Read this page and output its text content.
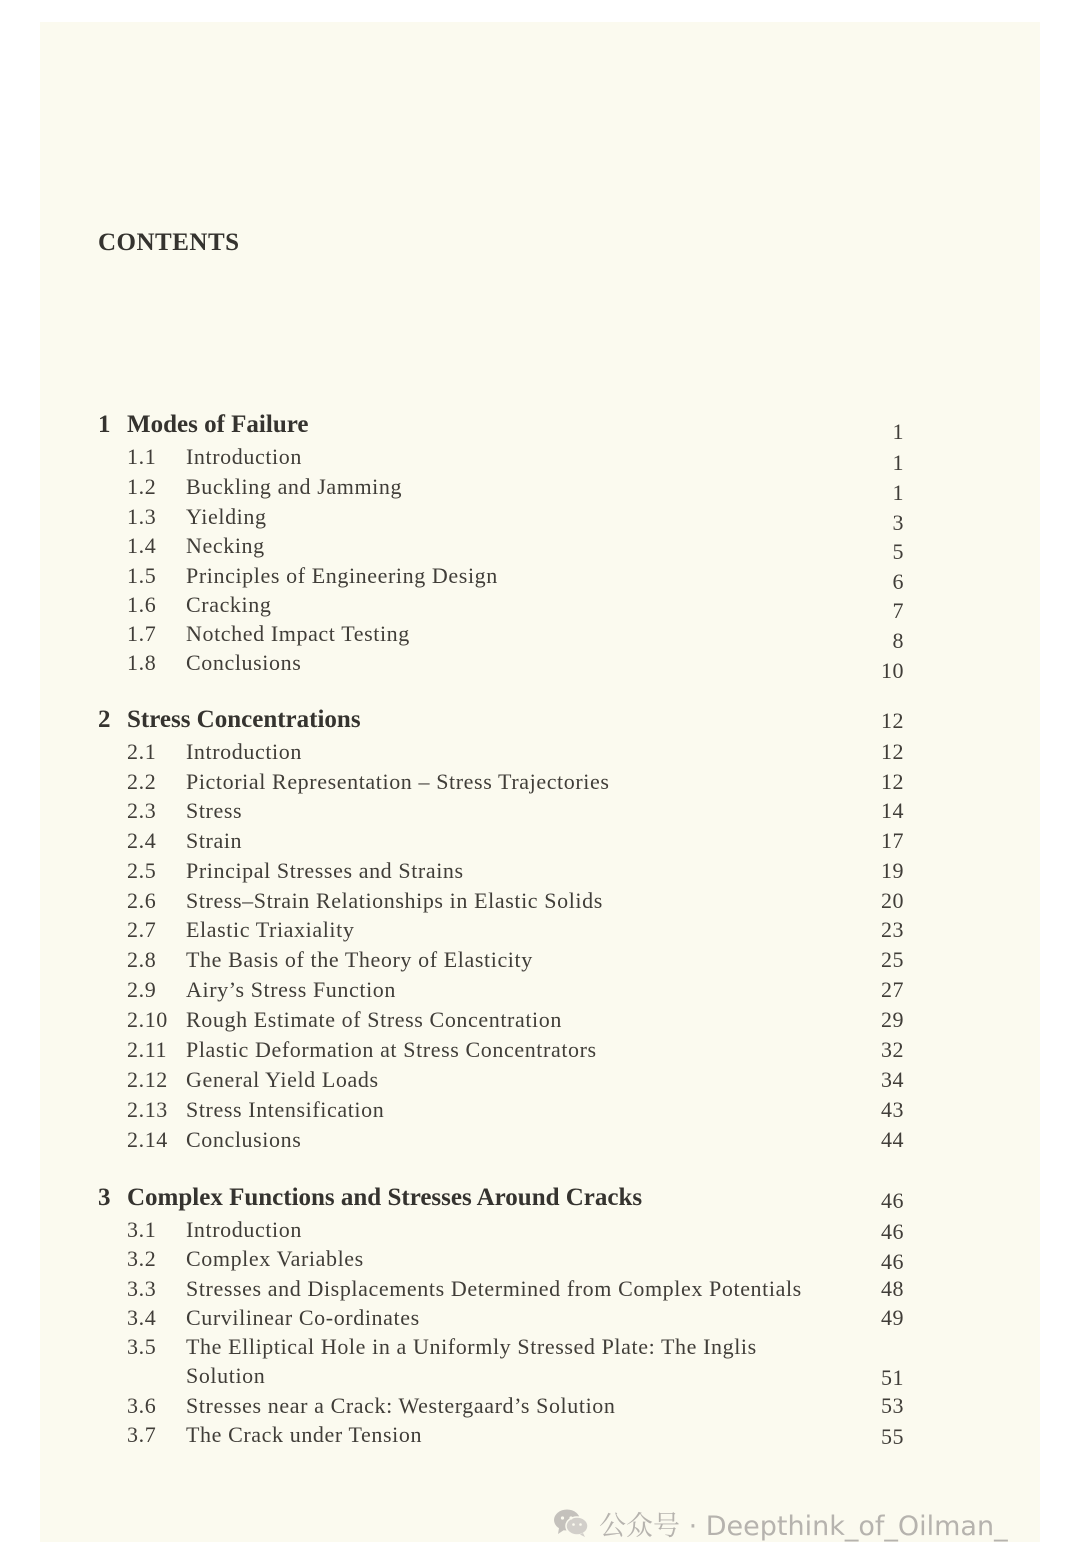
CONTENTS
1 Modes of Failure	1
1.1 Introduction	1
1.2 Buckling and Jamming	1
1.3 Yielding	3
1.4 Necking	5
1.5 Principles of Engineering Design	6
1.6 Cracking	7
1.7 Notched Impact Testing	8
1.8 Conclusions	10
2 Stress Concentrations	12
2.1 Introduction	12
2.2 Pictorial Representation – Stress Trajectories	12
2.3 Stress	14
2.4 Strain	17
2.5 Principal Stresses and Strains	19
2.6 Stress–Strain Relationships in Elastic Solids	20
2.7 Elastic Triaxiality	23
2.8 The Basis of the Theory of Elasticity	25
2.9 Airy’s Stress Function	27
2.10 Rough Estimate of Stress Concentration	29
2.11 Plastic Deformation at Stress Concentrators	32
2.12 General Yield Loads	34
2.13 Stress Intensification	43
2.14 Conclusions	44
3 Complex Functions and Stresses Around Cracks	46
3.1 Introduction	46
3.2 Complex Variables	46
3.3 Stresses and Displacements Determined from Complex Potentials	48
3.4 Curvilinear Co-ordinates	49
3.5 The Elliptical Hole in a Uniformly Stressed Plate: The Inglis
Solution	51
3.6 Stresses near a Crack: Westergaard’s Solution	53
3.7 The Crack under Tension	55
公众号 · Deepthink_of_Oilman_
